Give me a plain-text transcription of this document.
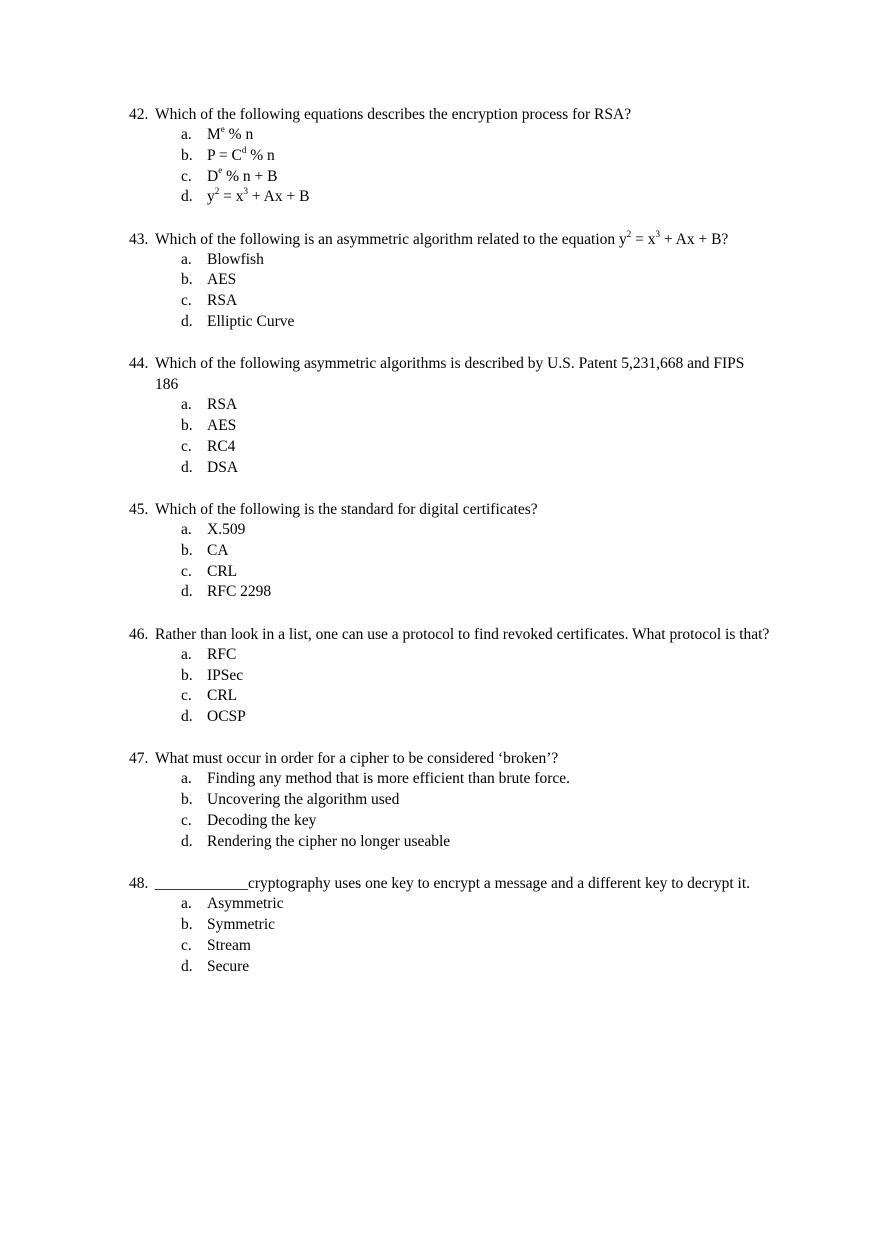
42. Which of the following equations describes the encryption process for RSA?
a. Me % n
b. $P = C^d$ % n
c. De % n + B
d. $y^2 = x^3 + Ax + B$
43. Which of the following is an asymmetric algorithm related to the equation $y^2 = x^3 + Ax + B$?
a. Blowfish
b. AES
c. RSA
d. Elliptic Curve
44. Which of the following asymmetric algorithms is described by U.S. Patent 5,231,668 and FIPS 186
a. RSA
b. AES
c. RC4
d. DSA
45. Which of the following is the standard for digital certificates?
a. X.509
b. CA
c. CRL
d. RFC 2298
46. Rather than look in a list, one can use a protocol to find revoked certificates. What protocol is that?
a. RFC
b. IPSec
c. CRL
d. OCSP
47. What must occur in order for a cipher to be considered ‘broken’?
a. Finding any method that is more efficient than brute force.
b. Uncovering the algorithm used
c. Decoding the key
d. Rendering the cipher no longer useable
48. ____________cryptography uses one key to encrypt a message and a different key to decrypt it.
a. Asymmetric
b. Symmetric
c. Stream
d. Secure
